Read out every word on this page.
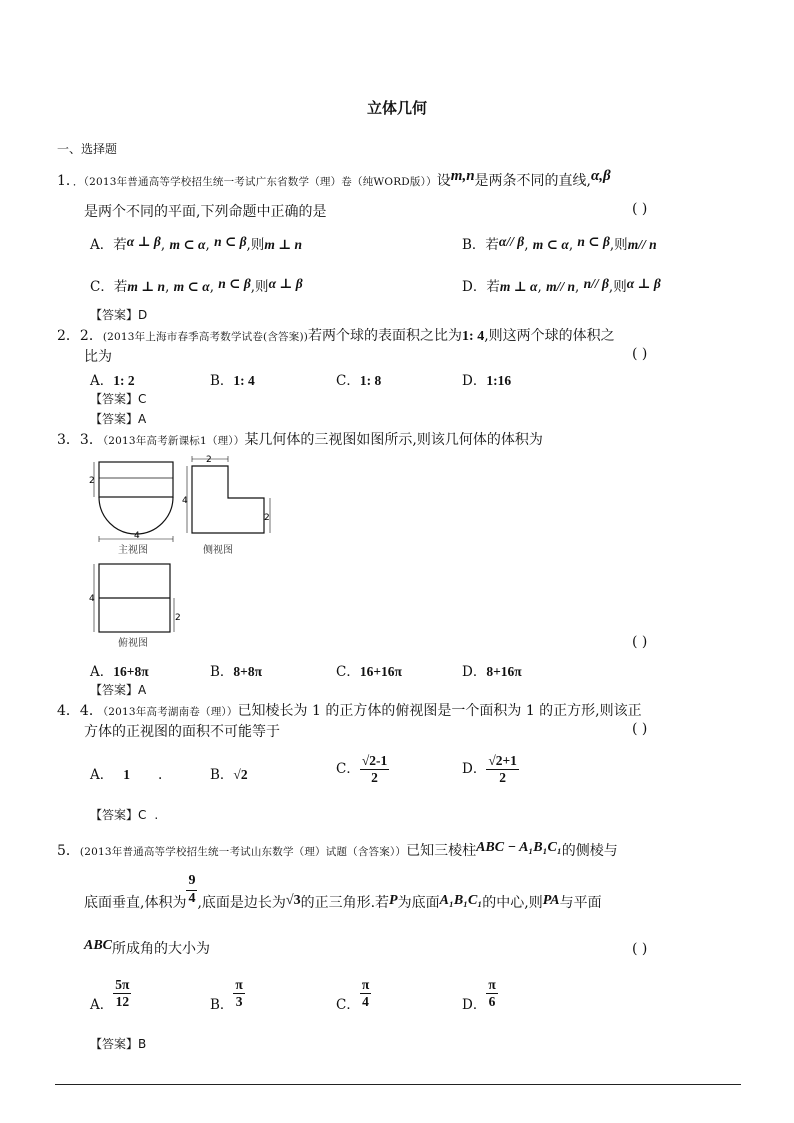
立体几何
一、选择题
1．．（2013年普通高等学校招生统一考试广东省数学（理）卷（纯WORD版））设m,n是两条不同的直线,α,β
是两个不同的平面,下列命题中正确的是	( )
A．若α ⊥ β, m ⊂ α, n ⊂ β,则m ⊥ n	B．若α// β, m ⊂ α, n ⊂ β,则m// n
C．若m ⊥ n, m ⊂ α, n ⊂ β,则α ⊥ β	D．若m ⊥ α, m// n, n// β,则α ⊥ β
【答案】D
2．2．(2013年上海市春季高考数学试卷(含答案))若两个球的表面积之比为1: 4,则这两个球的体积之
比为	( )
A．1: 2	B．1: 4	C．1: 8	D．1:16
【答案】C
【答案】A
3．3．（2013年高考新课标1（理））某几何体的三视图如图所示,则该几何体的体积为
2
4
主视图
2
4
2
侧视图
4
2
俯视图	( )
A．16+8π	B．8+8π	C．16+16π	D．8+16π
【答案】A
4．4．（2013年高考湖南卷（理））已知棱长为 1 的正方体的俯视图是一个面积为 1 的正方形,则该正
方体的正视图的面积不可能等于	( )
A． 1 .	B．√2	C． $\frac{√2-1}{2}$	D． $\frac{√2+1}{2}$
【答案】C .
5．(2013年普通高等学校招生统一考试山东数学（理）试题（含答案））已知三棱柱ABC − A₁B₁C₁的侧棱与
底面垂直,体积为 $\frac{9}{4}$ ,底面是边长为√3的正三角形.若P为底面A₁B₁C₁的中心,则PA与平面
ABC所成角的大小为	( )
A． $\frac{5\pi}{12}$	B． $\frac{\pi}{3}$	C． $\frac{\pi}{4}$	D． $\frac{\pi}{6}$
【答案】B
